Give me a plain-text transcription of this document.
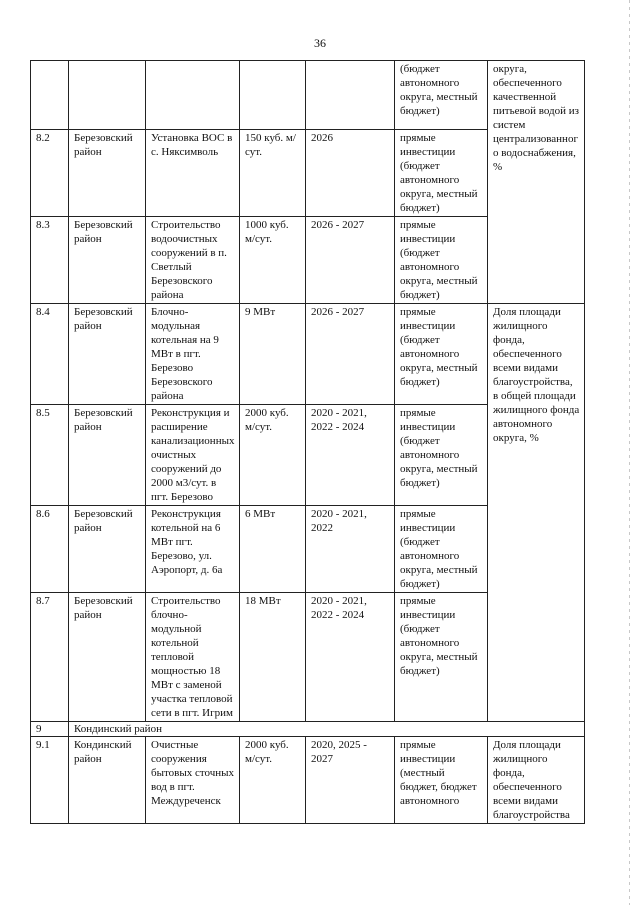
36
					(бюджет автономного округа, местный бюджет)	округа, обеспеченного качественной питьевой водой из систем централизованного водоснабжения, %
8.2	Березовский район	Установка ВОС в с. Няксимволь	150 куб. м/сут.	2026	прямые инвестиции (бюджет автономного округа, местный бюджет)	
8.3	Березовский район	Строительство водоочистных сооружений в п. Светлый Березовского района	1000 куб. м/сут.	2026 - 2027	прямые инвестиции (бюджет автономного округа, местный бюджет)	
8.4	Березовский район	Блочно-модульная котельная на 9 МВт в пгт. Березово Березовского района	9 МВт	2026 - 2027	прямые инвестиции (бюджет автономного округа, местный бюджет)	Доля площади жилищного фонда, обеспеченного всеми видами благоустройства, в общей площади жилищного фонда автономного округа, %
8.5	Березовский район	Реконструкция и расширение канализационных очистных сооружений до 2000 м3/сут. в пгт. Березово	2000 куб. м/сут.	2020 - 2021, 2022 - 2024	прямые инвестиции (бюджет автономного округа, местный бюджет)	
8.6	Березовский район	Реконструкция котельной на 6 МВт пгт. Березово, ул. Аэропорт, д. 6а	6 МВт	2020 - 2021, 2022	прямые инвестиции (бюджет автономного округа, местный бюджет)	
8.7	Березовский район	Строительство блочно-модульной котельной тепловой мощностью 18 МВт с заменой участка тепловой сети в пгт. Игрим	18 МВт	2020 - 2021, 2022 - 2024	прямые инвестиции (бюджет автономного округа, местный бюджет)	
9	Кондинский район					
9.1	Кондинский район	Очистные сооружения бытовых сточных вод в пгт. Междуреченск	2000 куб. м/сут.	2020, 2025 - 2027	прямые инвестиции (местный бюджет, бюджет автономного	Доля площади жилищного фонда, обеспеченного всеми видами благоустройства
